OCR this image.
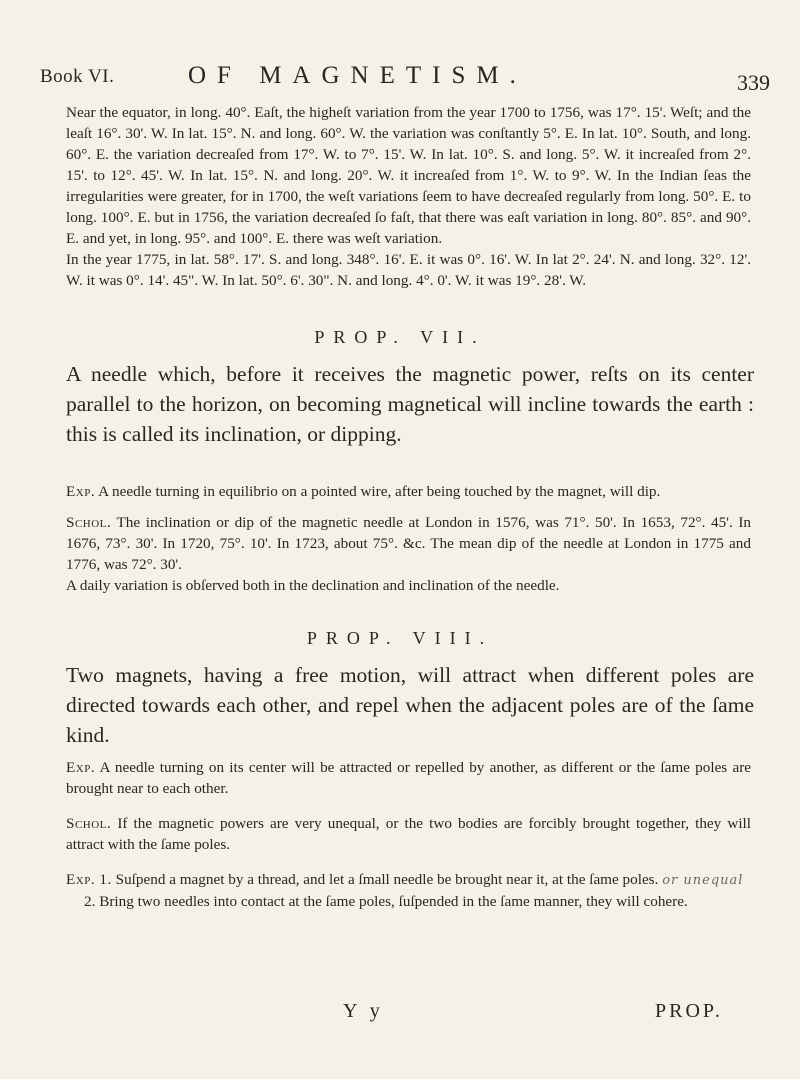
Book VI.	OF MAGNETISM.	339

Near the equator, in long. 40°. Eaſt, the higheſt variation from the year 1700 to 1756, was 17°. 15'. Weſt; and the leaſt 16°. 30'. W. In lat. 15°. N. and long. 60°. W. the variation was conſtantly 5°. E. In lat. 10°. South, and long. 60°. E. the variation decreaſed from 17°. W. to 7°. 15'. W. In lat. 10°. S. and long. 5°. W. it increaſed from 2°. 15'. to 12°. 45'. W. In lat. 15°. N. and long. 20°. W. it increaſed from 1°. W. to 9°. W. In the Indian ſeas the irregularities were greater, for in 1700, the weſt variations ſeem to have decreaſed regularly from long. 50°. E. to long. 100°. E. but in 1756, the variation decreaſed ſo faſt, that there was eaſt variation in long. 80°. 85°. and 90°. E. and yet, in long. 95°. and 100°. E. there was weſt variation.

In the year 1775, in lat. 58°. 17'. S. and long. 348°. 16'. E. it was 0°. 16'. W. In lat 2°. 24'. N. and long. 32°. 12'. W. it was 0°. 14'. 45". W. In lat. 50°. 6'. 30". N. and long. 4°. 0'. W. it was 19°. 28'. W.

PROP. VII.
A needle which, before it receives the magnetic power, reſts on its center parallel to the horizon, on becoming magnetical will incline towards the earth : this is called its inclination, or dipping.

Exp. A needle turning in equilibrio on a pointed wire, after being touched by the magnet, will dip.

Schol. The inclination or dip of the magnetic needle at London in 1576, was 71°. 50'. In 1653, 72°. 45'. In 1676, 73°. 30'. In 1720, 75°. 10'. In 1723, about 75°. &c. The mean dip of the needle at London in 1775 and 1776, was 72°. 30'.

A daily variation is obſerved both in the declination and inclination of the needle.

PROP. VIII.
Two magnets, having a free motion, will attract when different poles are directed towards each other, and repel when the adjacent poles are of the ſame kind.

Exp. A needle turning on its center will be attracted or repelled by another, as different or the ſame poles are brought near to each other.

Schol. If the magnetic powers are very unequal, or the two bodies are forcibly brought together, they will attract with the ſame poles.

Exp. 1. Suſpend a magnet by a thread, and let a ſmall needle be brought near it, at the ſame poles. or unequal

2. Bring two needles into contact at the ſame poles, ſuſpended in the ſame manner, they will cohere.

Y y	PROP.
